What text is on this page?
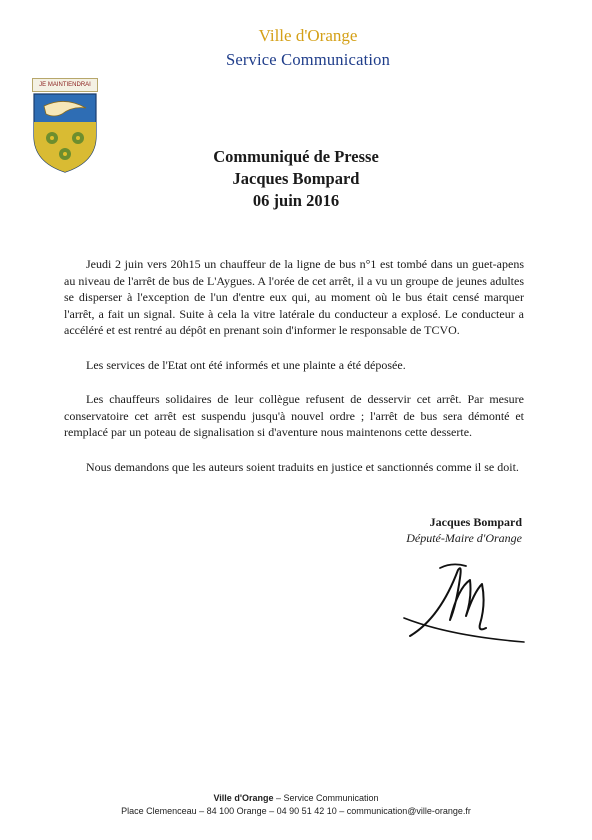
Ville d'Orange
Service Communication
JE MAINTIENDRAI
Communiqué de Presse
Jacques Bompard
06 juin 2016

Jeudi 2 juin vers 20h15 un chauffeur de la ligne de bus n°1 est tombé dans un guet-apens au niveau de l'arrêt de bus de L'Aygues. A l'orée de cet arrêt, il a vu un groupe de jeunes adultes se disperser à l'exception de l'un d'entre eux qui, au moment où le bus était censé marquer l'arrêt, a fait un signal. Suite à cela la vitre latérale du conducteur a explosé. Le conducteur a accéléré et est rentré au dépôt en prenant soin d'informer le responsable de TCVO.

Les services de l'Etat ont été informés et une plainte a été déposée.

Les chauffeurs solidaires de leur collègue refusent de desservir cet arrêt. Par mesure conservatoire cet arrêt est suspendu jusqu'à nouvel ordre ; l'arrêt de bus sera démonté et remplacé par un poteau de signalisation si d'aventure nous maintenons cette desserte.

Nous demandons que les auteurs soient traduits en justice et sanctionnés comme il se doit.

Jacques Bompard
Député-Maire d'Orange
Ville d'Orange – Service Communication
Place Clemenceau – 84 100 Orange – 04 90 51 42 10 – communication@ville-orange.fr
